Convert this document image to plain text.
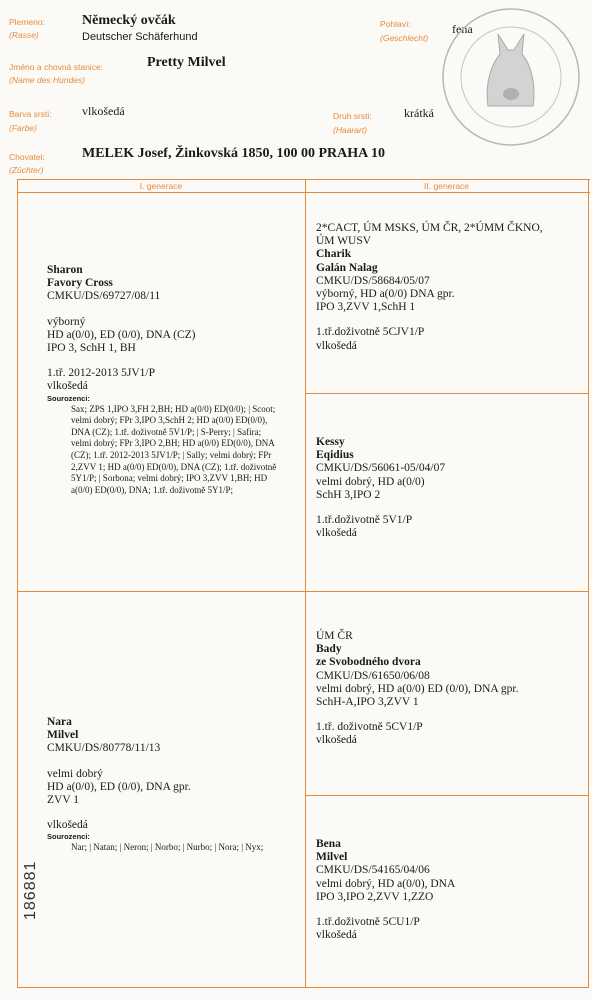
Plemeno:
(Rasse)
Německý ovčák
Deutscher Schäferhund
Pohlaví:
(Geschlecht)
fena
Jméno a chovná stanice:
(Name des Hundes)
Pretty Milvel
Barva srsti:
(Farbe)
vlkošedá	Druh srsti:
(Haarart)
krátká
Chovatel:
(Züchter)
MELEK Josef, Žinkovská 1850, 100 00 PRAHA 10
I. generace	II. generace
Sharon
Favory Cross
CMKU/DS/69727/08/11
výborný
HD a(0/0), ED (0/0), DNA (CZ)
IPO 3, SchH 1, BH
1.tř. 2012-2013 5JV1/P
vlkošedá
Sourozenci:
Sax; ZPS 1,IPO 3,FH 2,BH; HD a(0/0) ED(0/0); | Scoot; velmi dobrý; FPr 3,IPO 3,SchH 2; HD a(0/0) ED(0/0), DNA (CZ); 1.tř. doživotně 5V1/P; | S-Perry; | Safira; velmi dobrý; FPr 3,IPO 2,BH; HD a(0/0) ED(0/0), DNA (CZ); 1.tř. 2012-2013 5JV1/P; | Sally; velmi dobrý; FPr 2,ZVV 1; HD a(0/0) ED(0/0), DNA (CZ); 1.tř. doživotně 5Y1/P; | Sorbona; velmi dobrý; IPO 3,ZVV 1,BH; HD a(0/0) ED(0/0), DNA; 1.tř. doživotně 5Y1/P;
Nara
Milvel
CMKU/DS/80778/11/13
velmi dobrý
HD a(0/0), ED (0/0), DNA gpr.
ZVV 1
vlkošedá
Sourozenci:
Nar; | Natan; | Neron; | Norbo; | Nurbo; | Nora; | Nyx;
2*CACT, ÚM MSKS, ÚM ČR, 2*ÚMM ČKNO,
ÚM WUSV
Charik
Galán Nalag
CMKU/DS/58684/05/07
výborný, HD a(0/0) DNA gpr.
IPO 3,ZVV 1,SchH 1
1.tř.doživotně 5CJV1/P
vlkošedá
Kessy
Eqidius
CMKU/DS/56061-05/04/07
velmi dobrý, HD a(0/0)
SchH 3,IPO 2
1.tř.doživotně 5V1/P
vlkošedá
ÚM ČR
Bady
ze Svobodného dvora
CMKU/DS/61650/06/08
velmi dobrý, HD a(0/0) ED (0/0), DNA gpr.
SchH-A,IPO 3,ZVV 1
1.tř. doživotně 5CV1/P
vlkošedá
Bena
Milvel
CMKU/DS/54165/04/06
velmi dobrý, HD a(0/0), DNA
IPO 3,IPO 2,ZVV 1,ZZO
1.tř.doživotně 5CU1/P
vlkošedá
186881
